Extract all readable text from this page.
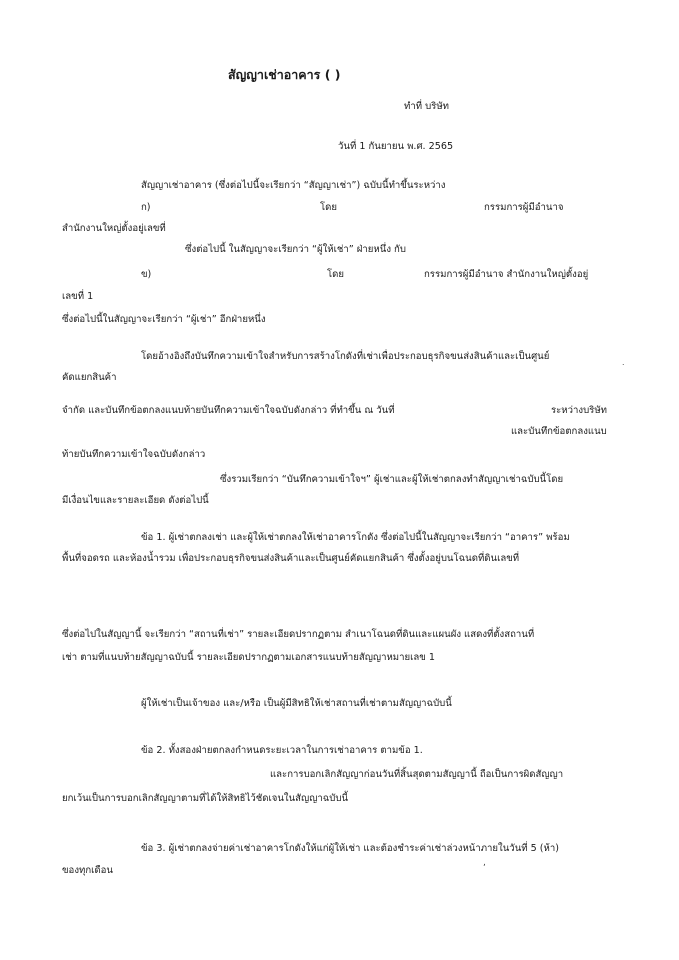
สัญญาเช่าอาคาร ( )
ทำที่ บริษัท
วันที่ 1 กันยายน พ.ศ. 2565
สัญญาเช่าอาคาร (ซึ่งต่อไปนี้จะเรียกว่า “สัญญาเช่า”) ฉบับนี้ทำขึ้นระหว่าง
ก)	โดย	กรรมการผู้มีอำนาจ
สำนักงานใหญ่ตั้งอยู่เลขที่
ซึ่งต่อไปนี้ ในสัญญาจะเรียกว่า “ผู้ให้เช่า” ฝ่ายหนึ่ง กับ
ข)	โดย	กรรมการผู้มีอำนาจ สำนักงานใหญ่ตั้งอยู่
เลขที่ 1
ซึ่งต่อไปนี้ในสัญญาจะเรียกว่า “ผู้เช่า” อีกฝ่ายหนึ่ง
โดยอ้างอิงถึงบันทึกความเข้าใจสำหรับการสร้างโกดังที่เช่าเพื่อประกอบธุรกิจขนส่งสินค้าและเป็นศูนย์
คัดแยกสินค้า
จำกัด และบันทึกข้อตกลงแนบท้ายบันทึกความเข้าใจฉบับดังกล่าว ที่ทำขึ้น ณ วันที่	ระหว่างบริษัท
และบันทึกข้อตกลงแนบ
ท้ายบันทึกความเข้าใจฉบับดังกล่าว
ซึ่งรวมเรียกว่า “บันทึกความเข้าใจฯ” ผู้เช่าและผู้ให้เช่าตกลงทำสัญญาเช่าฉบับนี้โดย
มีเงื่อนไขและรายละเอียด ดังต่อไปนี้
ข้อ 1. ผู้เช่าตกลงเช่า และผู้ให้เช่าตกลงให้เช่าอาคารโกดัง ซึ่งต่อไปนี้ในสัญญาจะเรียกว่า “อาคาร” พร้อม
พื้นที่จอดรถ และห้องน้ำรวม เพื่อประกอบธุรกิจขนส่งสินค้าและเป็นศูนย์คัดแยกสินค้า ซึ่งตั้งอยู่บนโฉนดที่ดินเลขที่
ซึ่งต่อไปในสัญญานี้ จะเรียกว่า “สถานที่เช่า” รายละเอียดปรากฏตาม สำเนาโฉนดที่ดินและแผนผัง แสดงที่ตั้งสถานที่
เช่า ตามที่แนบท้ายสัญญาฉบับนี้ รายละเอียดปรากฏตามเอกสารแนบท้ายสัญญาหมายเลข 1
ผู้ให้เช่าเป็นเจ้าของ และ/หรือ เป็นผู้มีสิทธิให้เช่าสถานที่เช่าตามสัญญาฉบับนี้
ข้อ 2. ทั้งสองฝ่ายตกลงกำหนดระยะเวลาในการเช่าอาคาร ตามข้อ 1.
และการบอกเลิกสัญญาก่อนวันที่สิ้นสุดตามสัญญานี้ ถือเป็นการผิดสัญญา
ยกเว้นเป็นการบอกเลิกสัญญาตามที่ได้ให้สิทธิไว้ชัดเจนในสัญญาฉบับนี้
ข้อ 3. ผู้เช่าตกลงจ่ายค่าเช่าอาคารโกดังให้แก่ผู้ให้เช่า และต้องชำระค่าเช่าล่วงหน้าภายในวันที่ 5 (ห้า)
ของทุกเดือน
˙
,
